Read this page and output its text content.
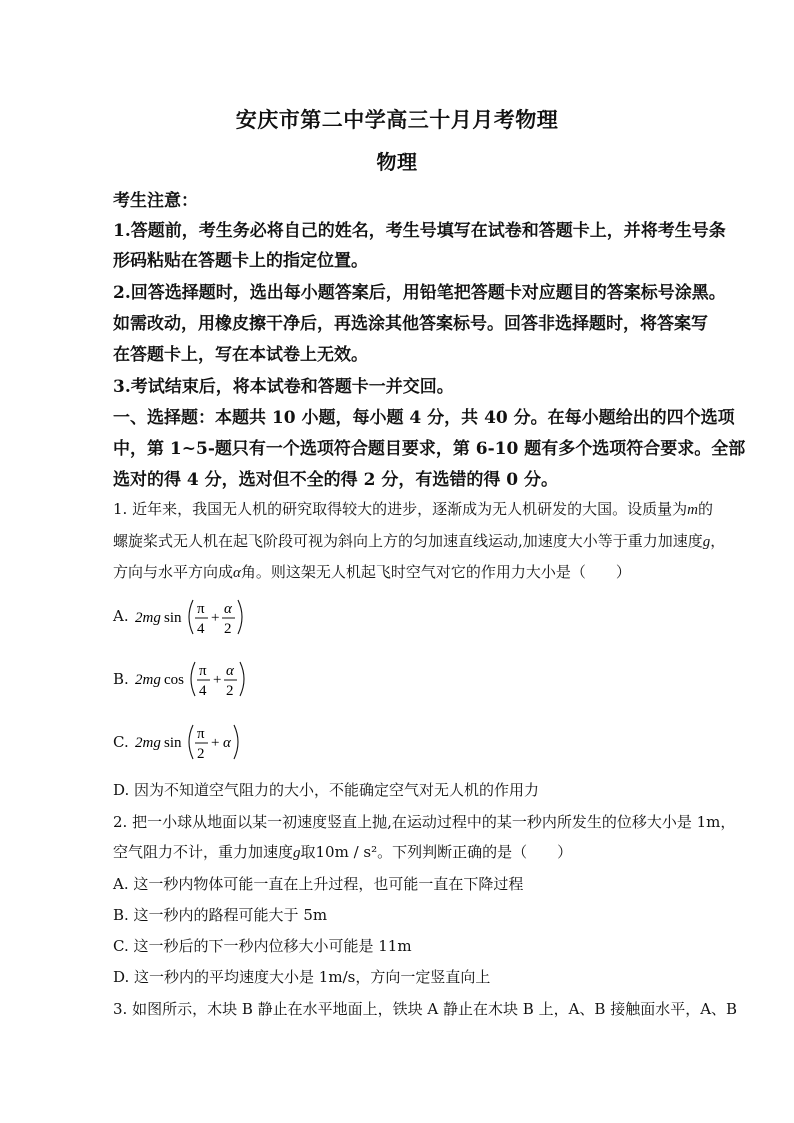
安庆市第二中学高三十月月考物理
物理
考生注意：
1.答题前，考生务必将自己的姓名，考生号填写在试卷和答题卡上，并将考生号条
形码粘贴在答题卡上的指定位置。
2.回答选择题时，选出每小题答案后，用铅笔把答题卡对应题目的答案标号涂黑。
如需改动，用橡皮擦干净后，再选涂其他答案标号。回答非选择题时，将答案写
在答题卡上，写在本试卷上无效。
3.考试结束后，将本试卷和答题卡一并交回。
一、选择题：本题共 10 小题，每小题 4 分，共 40 分。在每小题给出的四个选项
中，第 1~5-题只有一个选项符合题目要求，第 6-10 题有多个选项符合要求。全部
选对的得 4 分，选对但不全的得 2 分，有选错的得 0 分。
1. 近年来，我国无人机的研究取得较大的进步，逐渐成为无人机研发的大国。设质量为m的
螺旋桨式无人机在起飞阶段可视为斜向上方的匀加速直线运动,加速度大小等于重力加速度g，
方向与水平方向成α角。则这架无人机起飞时空气对它的作用力大小是（　　）
A. 2mg sin
π
4
+
α
2
B. 2mg cos
π
4
+
α
2
C. 2mg sin
π
2
+ α
D. 因为不知道空气阻力的大小，不能确定空气对无人机的作用力
2. 把一小球从地面以某一初速度竖直上抛,在运动过程中的某一秒内所发生的位移大小是 1m，
空气阻力不计，重力加速度g取10m / s²。下列判断正确的是（　　）
A. 这一秒内物体可能一直在上升过程，也可能一直在下降过程
B. 这一秒内的路程可能大于 5m
C. 这一秒后的下一秒内位移大小可能是 11m
D. 这一秒内的平均速度大小是 1m/s，方向一定竖直向上
3. 如图所示，木块 B 静止在水平地面上，铁块 A 静止在木块 B 上，A、B 接触面水平，A、B
